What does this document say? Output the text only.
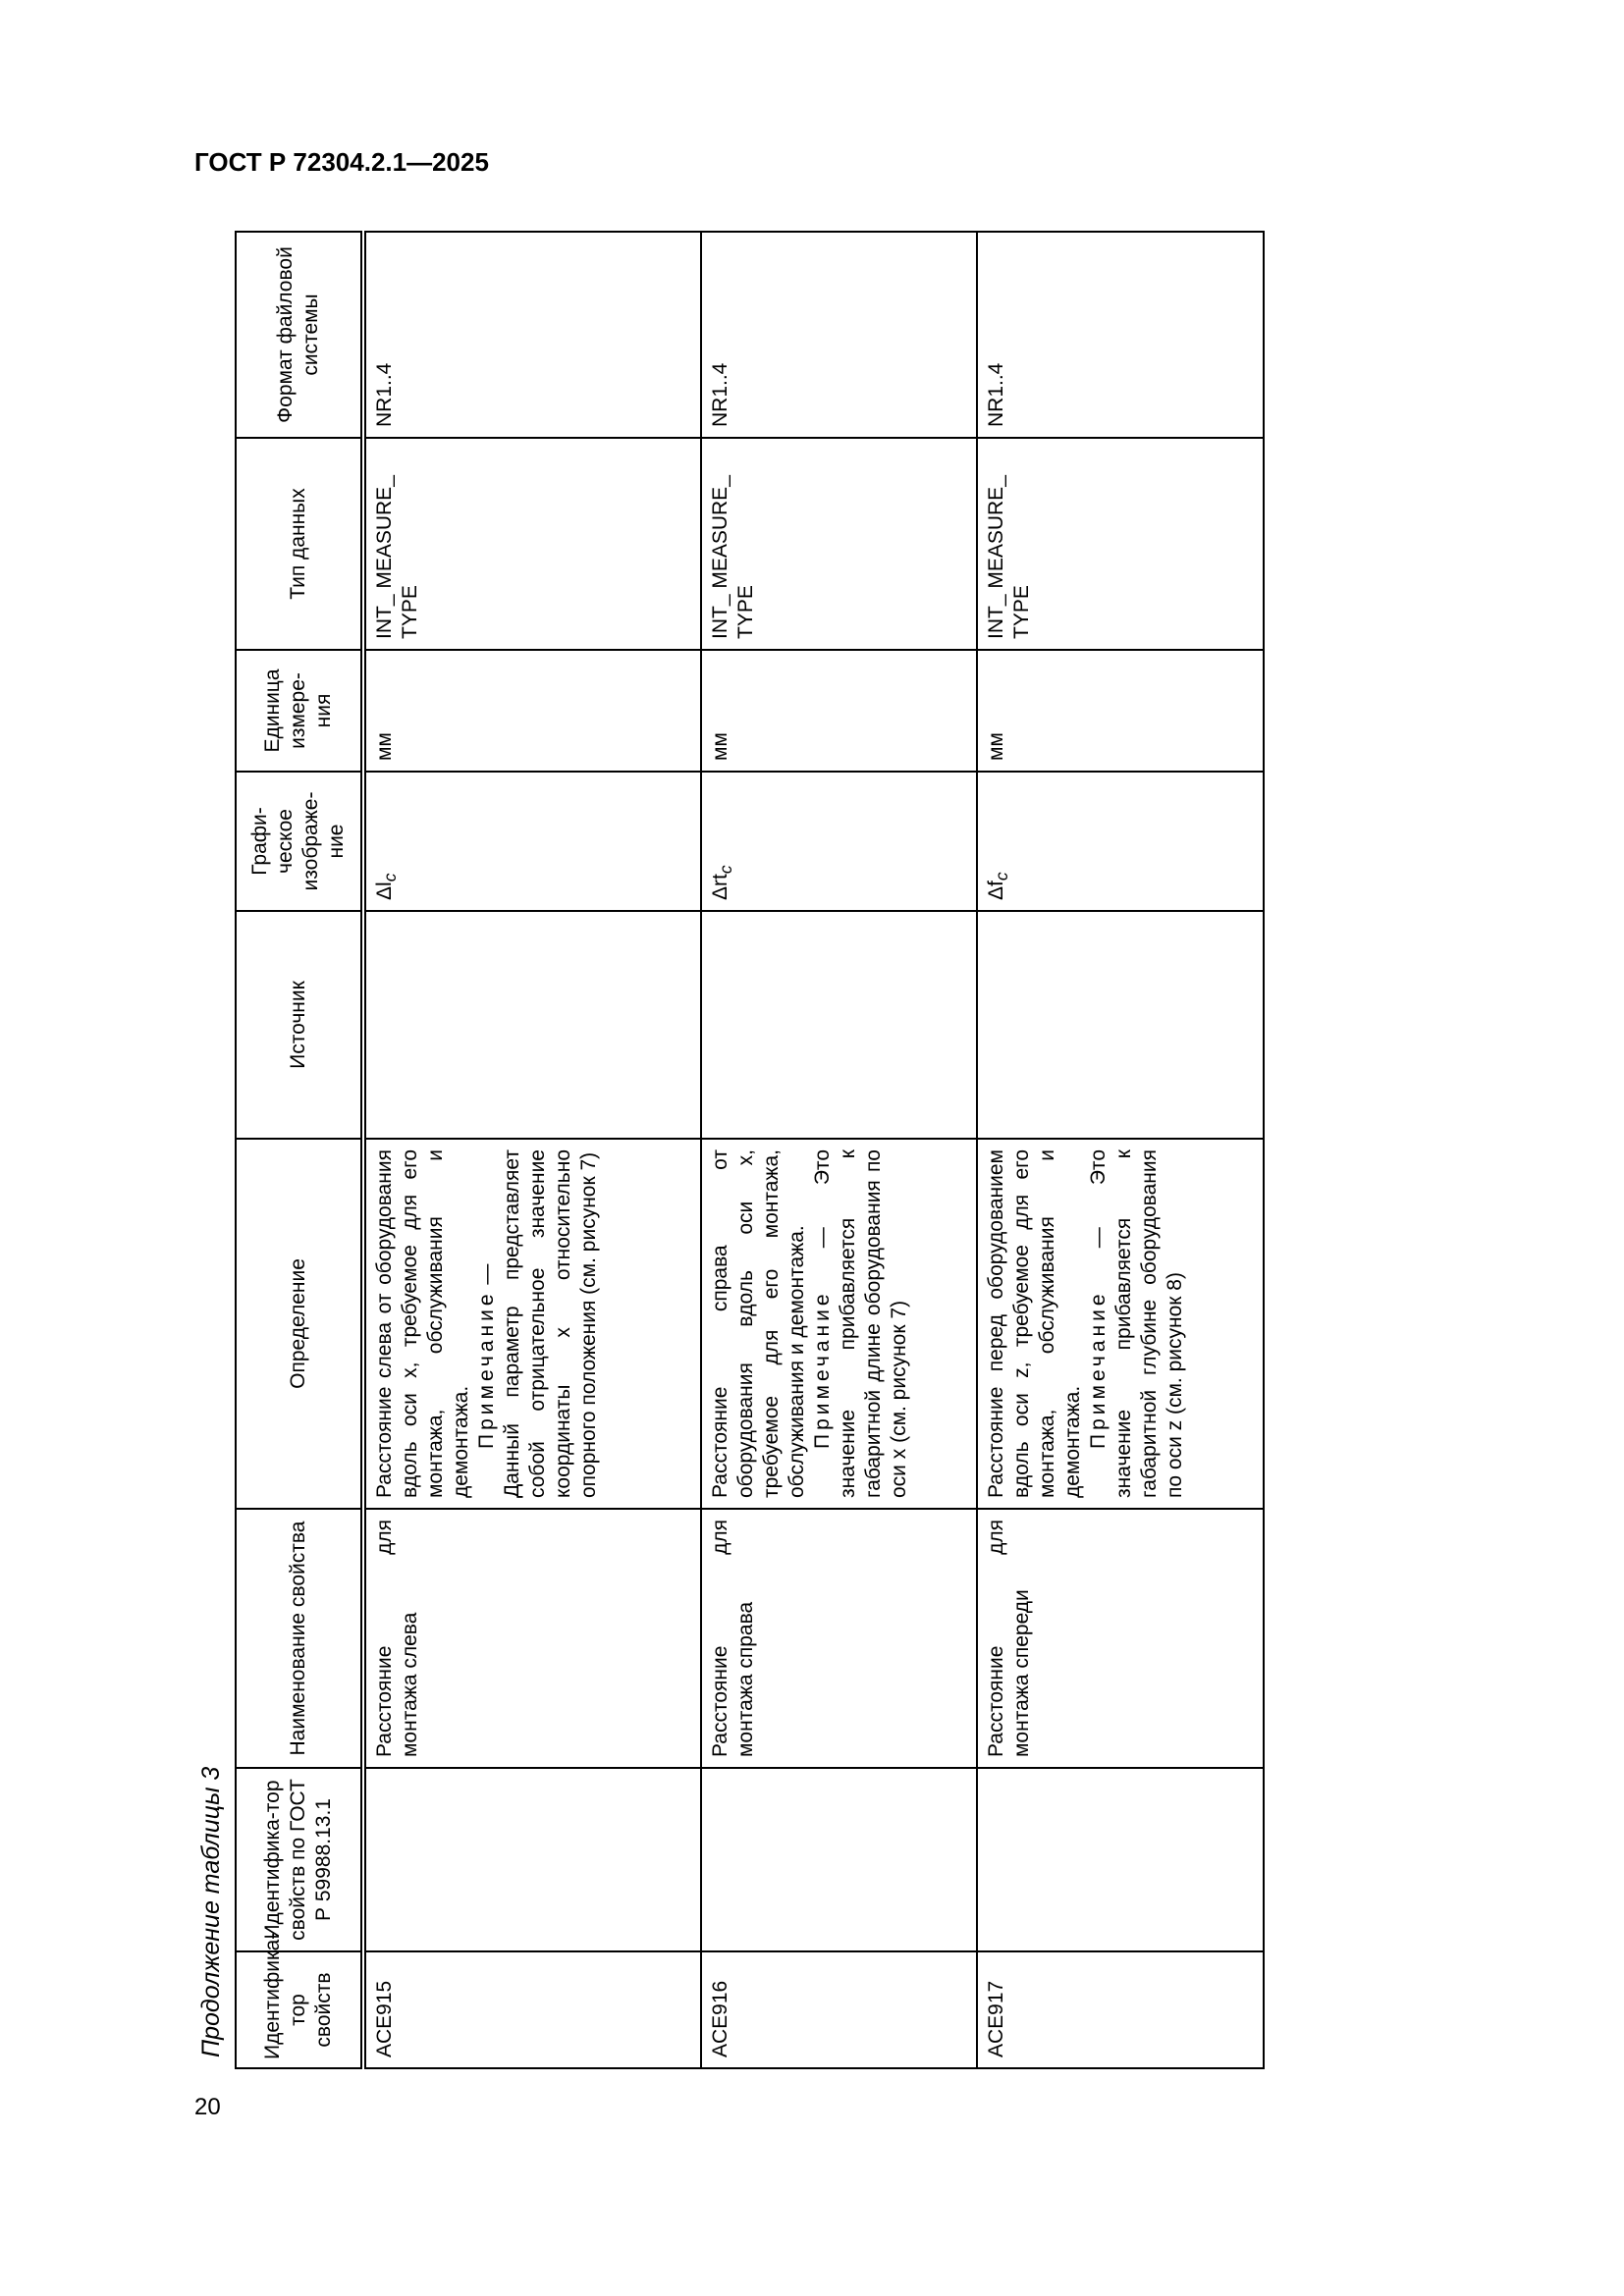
ГОСТ Р 72304.2.1—2025
Продолжение таблицы 3 Идентифика-тор свойств	Идентифика-тор свойств по ГОСТ Р 59988.13.1	Наименование свойства	Определение	Источник	Графи-ческое изображе-ние	Единица измере-ния	Тип данных	Формат файловой системы
ACE915		Расстояние для монтажа слева	Расстояние слева от оборудования вдоль оси x, требуемое для его монтажа, обслуживания и демонтажа. Примечание — Данный параметр представляет собой отрицательное значение координаты x относительно опорного положения (см. рисунок 7)		$\Delta l_c$	мм	INT_ MEASURE_ TYPE	NR1..4
ACE916		Расстояние для монтажа справа	Расстояние справа от оборудования вдоль оси x, требуемое для его монтажа, обслуживания и демонтажа. Примечание — Это значение прибавляется к габаритной длине оборудования по оси x (см. рисунок 7)		Δrt$_c$	мм	INT_ MEASURE_ TYPE	NR1..4
ACE917		Расстояние для монтажа спереди	Расстояние перед оборудованием вдоль оси z, требуемое для его монтажа, обслуживания и демонтажа. Примечание — Это значение прибавляется к габаритной глубине оборудования по оси z (см. рисунок 8)		$\Delta f_c$	мм	INT_ MEASURE_ TYPE	NR1..4
20
